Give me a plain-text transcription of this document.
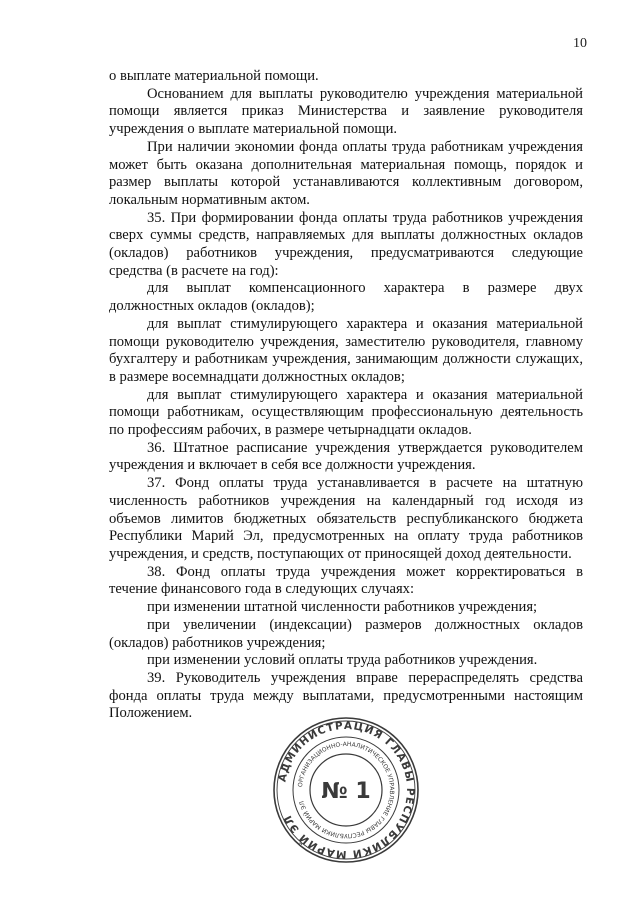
10

о выплате материальной помощи.

Основанием для выплаты руководителю учреждения материальной помощи является приказ Министерства и заявление руководителя учреждения о выплате материальной помощи.

При наличии экономии фонда оплаты труда работникам учреждения может быть оказана дополнительная материальная помощь, порядок и размер выплаты которой устанавливаются коллективным договором, локальным нормативным актом.

35. При формировании фонда оплаты труда работников учреждения сверх суммы средств, направляемых для выплаты должностных окладов (окладов) работников учреждения, предусматриваются следующие средства (в расчете на год):

для выплат компенсационного характера в размере двух должностных окладов (окладов);

для выплат стимулирующего характера и оказания материальной помощи руководителю учреждения, заместителю руководителя, главному бухгалтеру и работникам учреждения, занимающим должности служащих, в размере восемнадцати должностных окладов;

для выплат стимулирующего характера и оказания материальной помощи работникам, осуществляющим профессиональную деятельность по профессиям рабочих, в размере четырнадцати окладов.

36. Штатное расписание учреждения утверждается руководителем учреждения и включает в себя все должности учреждения.

37. Фонд оплаты труда устанавливается в расчете на штатную численность работников учреждения на календарный год исходя из объемов лимитов бюджетных обязательств республиканского бюджета Республики Марий Эл, предусмотренных на оплату труда работников учреждения, и средств, поступающих от приносящей доход деятельности.

38. Фонд оплаты труда учреждения может корректироваться в течение финансового года в следующих случаях:

при изменении штатной численности работников учреждения;

при увеличении (индексации) размеров должностных окладов (окладов) работников учреждения;

при изменении условий оплаты труда работников учреждения.

39. Руководитель учреждения вправе перераспределять средства фонда оплаты труда между выплатами, предусмотренными настоящим Положением.

АДМИНИСТРАЦИЯ ГЛАВЫ РЕСПУБЛИКИ МАРИЙ ЭЛ
ОРГАНИЗАЦИОННО-АНАЛИТИЧЕСКОЕ УПРАВЛЕНИЕ ГЛАВЫ РЕСПУБЛИКИ МАРИЙ ЭЛ № 1
